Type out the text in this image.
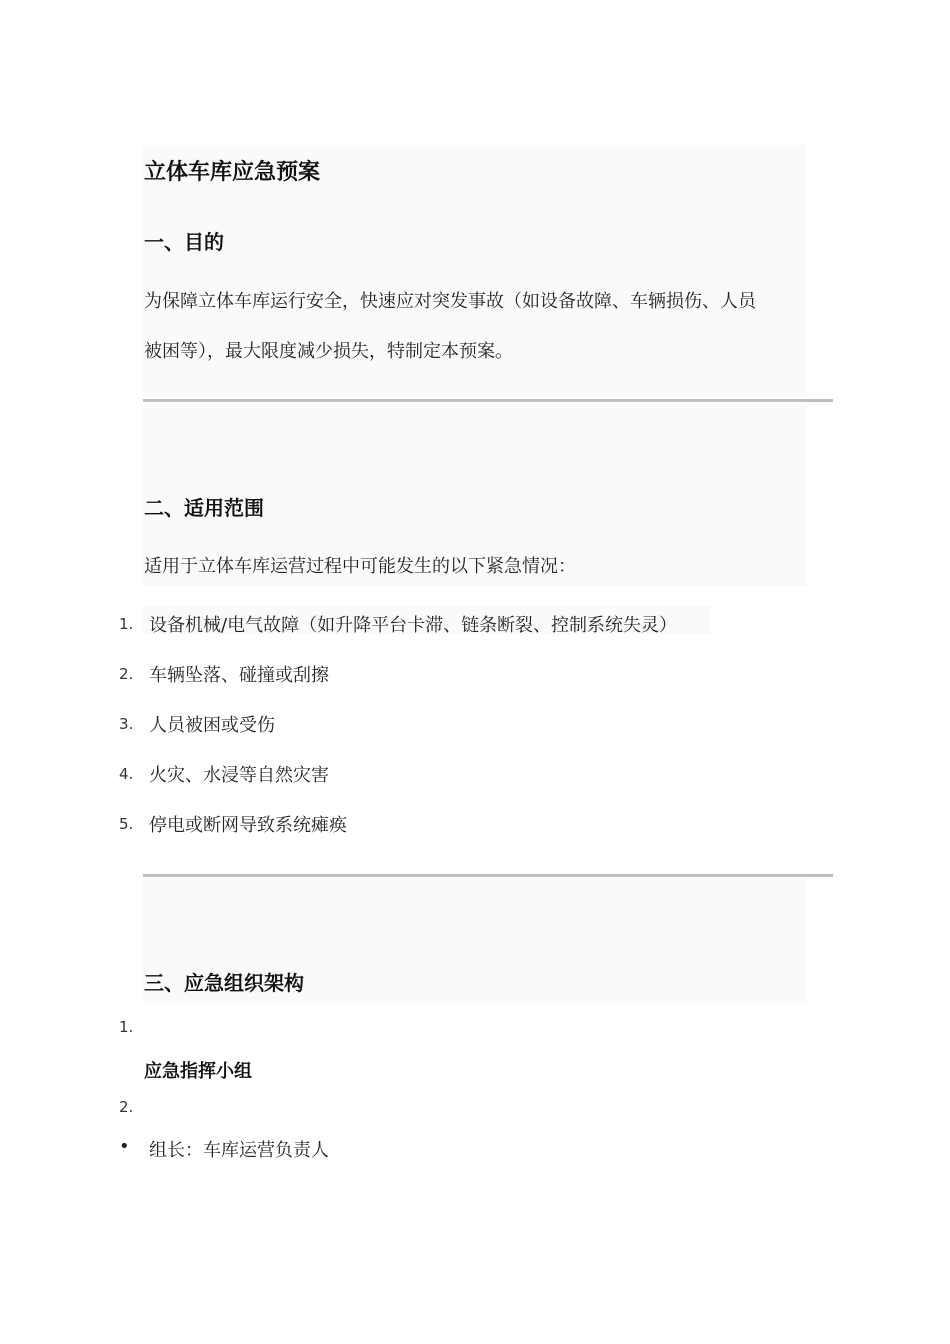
立体车库应急预案
一、目的

为保障立体车库运行安全，快速应对突发事故（如设备故障、车辆损伤、人员

被困等），最大限度减少损失，特制定本预案。

二、适用范围

适用于立体车库运营过程中可能发生的以下紧急情况：

1. 设备机械/电气故障（如升降平台卡滞、链条断裂、控制系统失灵）
2. 车辆坠落、碰撞或刮擦
3. 人员被困或受伤
4. 火灾、水浸等自然灾害
5. 停电或断网导致系统瘫痪
三、应急组织架构
1.
应急指挥小组
2.
• 组长：车库运营负责人
